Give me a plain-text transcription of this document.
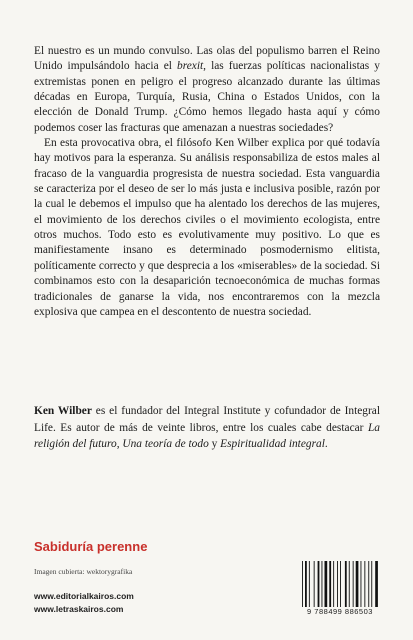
El nuestro es un mundo convulso. Las olas del populismo barren el Reino Unido impulsándolo hacia el brexit, las fuerzas políticas nacionalistas y extremistas ponen en peligro el progreso alcanzado durante las últimas décadas en Europa, Turquía, Rusia, China o Estados Unidos, con la elección de Donald Trump. ¿Cómo hemos llegado hasta aquí y cómo podemos coser las fracturas que amenazan a nuestras sociedades?

En esta provocativa obra, el filósofo Ken Wilber explica por qué todavía hay motivos para la esperanza. Su análisis responsabiliza de estos males al fracaso de la vanguardia progresista de nuestra sociedad. Esta vanguardia se caracteriza por el deseo de ser lo más justa e inclusiva posible, razón por la cual le debemos el impulso que ha alentado los derechos de las mujeres, el movimiento de los derechos civiles o el movimiento ecologista, entre otros muchos. Todo esto es evolutivamente muy positivo. Lo que es manifiestamente insano es determinado posmodernismo elitista, políticamente correcto y que desprecia a los «miserables» de la sociedad. Si combinamos esto con la desaparición tecnoeconómica de muchas formas tradicionales de ganarse la vida, nos encontraremos con la mezcla explosiva que campea en el descontento de nuestra sociedad.

Ken Wilber es el fundador del Integral Institute y cofundador de Integral Life. Es autor de más de veinte libros, entre los cuales cabe destacar La religión del futuro, Una teoría de todo y Espiritualidad integral.

Sabiduría perenne
Imagen cubierta: wektorygrafika
www.editorialkairos.com
www.letraskairos.com	9 788499 886503
